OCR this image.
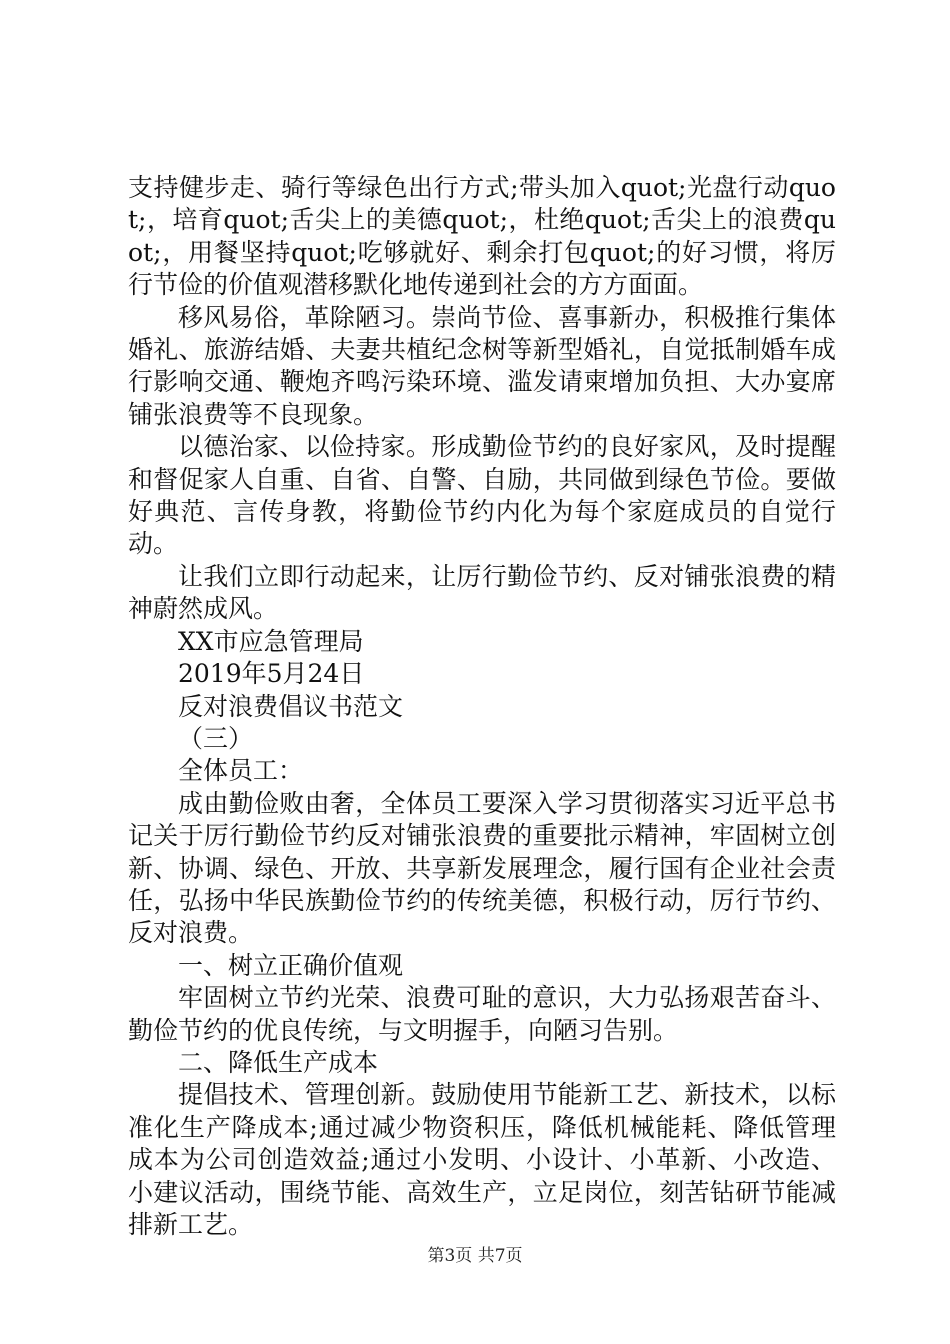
支持健步走、骑行等绿色出行方式;带头加入quot;光盘行动quot;，培育quot;舌尖上的美德quot;，杜绝quot;舌尖上的浪费quot;，用餐坚持quot;吃够就好、剩余打包quot;的好习惯，将厉行节俭的价值观潜移默化地传递到社会的方方面面。

移风易俗，革除陋习。崇尚节俭、喜事新办，积极推行集体婚礼、旅游结婚、夫妻共植纪念树等新型婚礼，自觉抵制婚车成行影响交通、鞭炮齐鸣污染环境、滥发请柬增加负担、大办宴席铺张浪费等不良现象。

以德治家、以俭持家。形成勤俭节约的良好家风，及时提醒和督促家人自重、自省、自警、自励，共同做到绿色节俭。要做好典范、言传身教，将勤俭节约内化为每个家庭成员的自觉行动。

让我们立即行动起来，让厉行勤俭节约、反对铺张浪费的精神蔚然成风。

XX市应急管理局

2019年5月24日

反对浪费倡议书范文

（三）

全体员工：

成由勤俭败由奢，全体员工要深入学习贯彻落实习近平总书记关于厉行勤俭节约反对铺张浪费的重要批示精神，牢固树立创新、协调、绿色、开放、共享新发展理念，履行国有企业社会责任，弘扬中华民族勤俭节约的传统美德，积极行动，厉行节约、反对浪费。

一、树立正确价值观

牢固树立节约光荣、浪费可耻的意识，大力弘扬艰苦奋斗、勤俭节约的优良传统，与文明握手，向陋习告别。

二、降低生产成本

提倡技术、管理创新。鼓励使用节能新工艺、新技术，以标准化生产降成本;通过减少物资积压，降低机械能耗、降低管理成本为公司创造效益;通过小发明、小设计、小革新、小改造、小建议活动，围绕节能、高效生产，立足岗位，刻苦钻研节能减排新工艺。

第3页 共7页
